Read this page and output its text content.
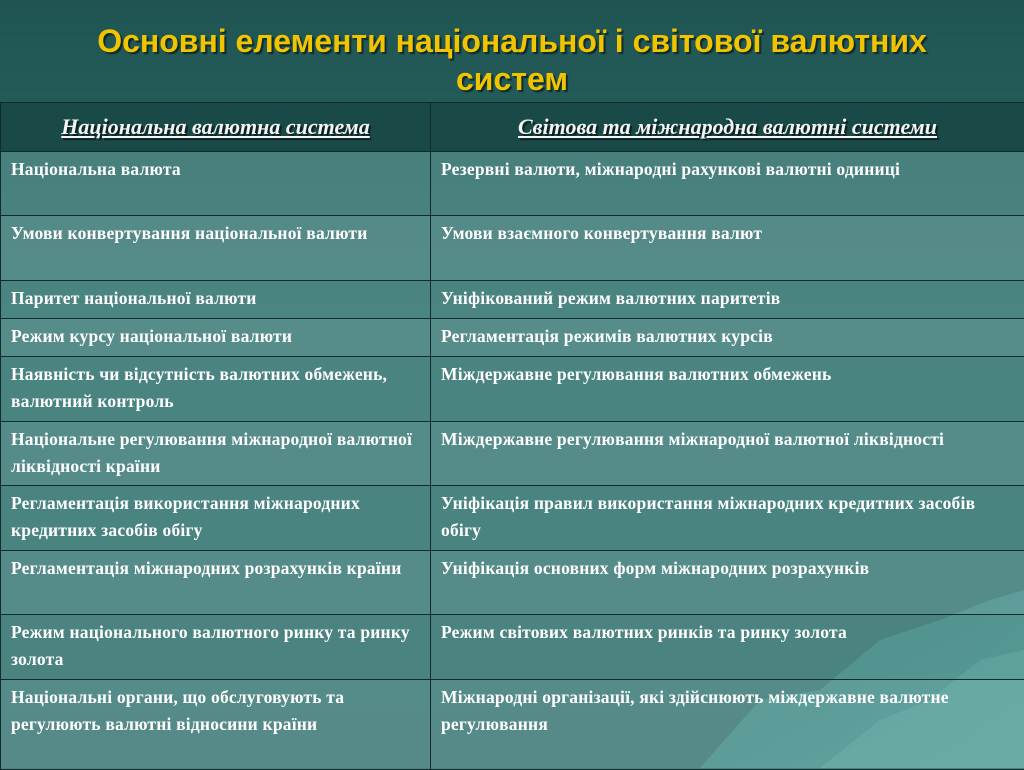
Основні елементи національної і світової валютних
систем
Національна валютна система	Світова та міжнародна валютні системи
Національна валюта	Резервні валюти, міжнародні рахункові валютні одиниці
Умови конвертування національної валюти	Умови взаємного конвертування валют
Паритет національної валюти	Уніфікований режим валютних паритетів
Режим курсу національної валюти	Регламентація режимів валютних курсів
Наявність чи відсутність валютних обмежень, валютний контроль	Міждержавне регулювання валютних обмежень
Національне регулювання міжнародної валютної ліквідності країни	Міждержавне регулювання міжнародної валютної ліквідності
Регламентація використання міжнародних кредитних засобів обігу	Уніфікація правил використання міжнародних кредитних засобів обігу
Регламентація міжнародних розрахунків країни	Уніфікація основних форм міжнародних розрахунків
Режим національного валютного ринку та ринку золота	Режим світових валютних ринків та ринку золота
Національні органи, що обслуговують та регулюють валютні відносини країни	Міжнародні організації, які здійснюють міждержавне валютне регулювання
